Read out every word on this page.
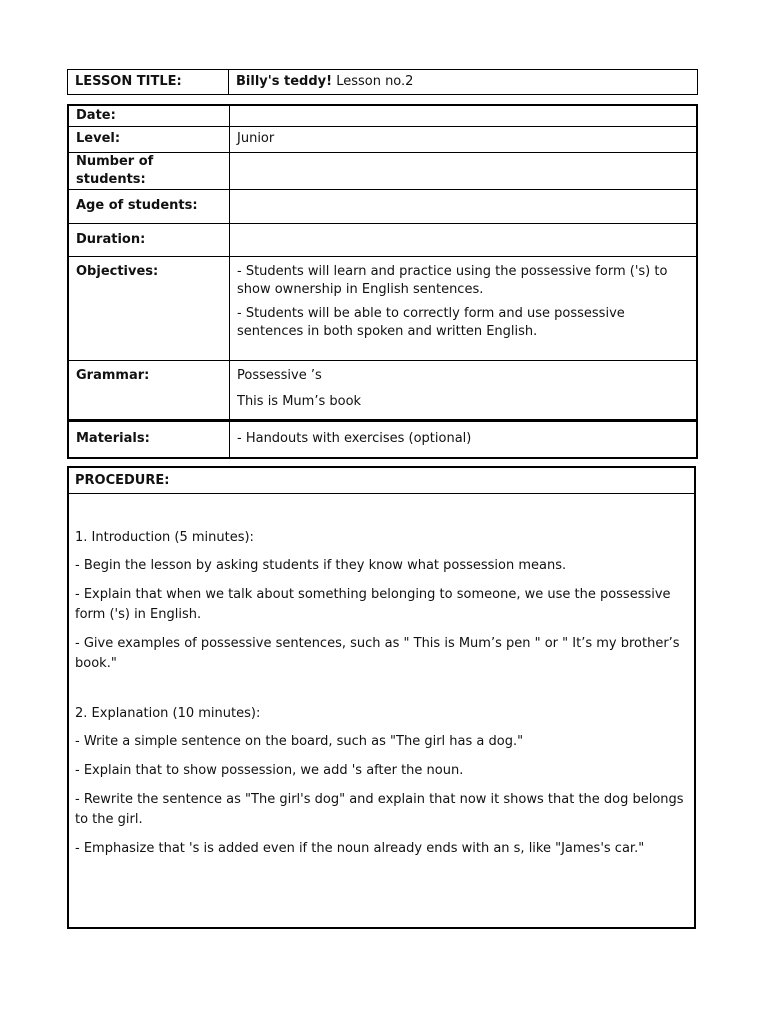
LESSON TITLE:	Billy's teddy! Lesson no.2
Date:	
Level:	Junior
Number of students:	
Age of students:	
Duration:	
Objectives:	- Students will learn and practice using the possessive form ('s) to show ownership in English sentences.

- Students will be able to correctly form and use possessive sentences in both spoken and written English.

Grammar:	Possessive ’s

This is Mum’s book

Materials:	- Handouts with exercises (optional)
PROCEDURE:
1. Introduction (5 minutes):
- Begin the lesson by asking students if they know what possession means.
- Explain that when we talk about something belonging to someone, we use the possessive form ('s) in English.
- Give examples of possessive sentences, such as " This is Mum’s pen " or " It’s my brother’s book."
2. Explanation (10 minutes):
- Write a simple sentence on the board, such as "The girl has a dog."
- Explain that to show possession, we add 's after the noun.
- Rewrite the sentence as "The girl's dog" and explain that now it shows that the dog belongs to the girl.
- Emphasize that 's is added even if the noun already ends with an s, like "James's car."
